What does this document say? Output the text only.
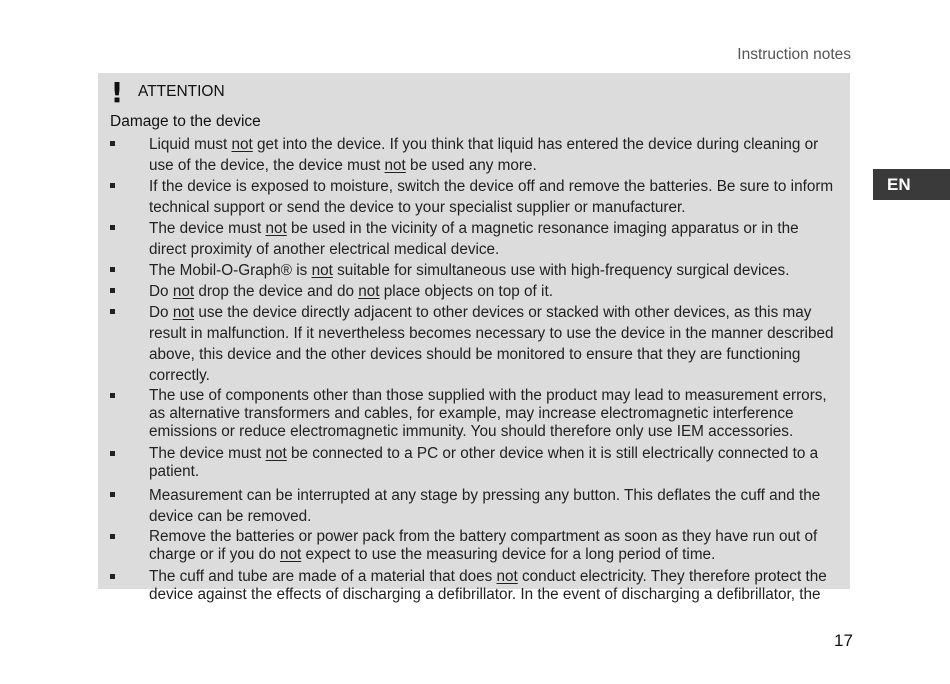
Instruction notes
EN
! ATTENTION
Damage to the device
Liquid must not get into the device. If you think that liquid has entered the device during cleaning or use of the device, the device must not be used any more.
If the device is exposed to moisture, switch the device off and remove the batteries. Be sure to inform technical support or send the device to your specialist supplier or manufacturer.
The device must not be used in the vicinity of a magnetic resonance imaging apparatus or in the direct proximity of another electrical medical device.
The Mobil-O-Graph® is not suitable for simultaneous use with high-frequency surgical devices.
Do not drop the device and do not place objects on top of it.
Do not use the device directly adjacent to other devices or stacked with other devices, as this may result in malfunction. If it nevertheless becomes necessary to use the device in the manner described above, this device and the other devices should be monitored to ensure that they are functioning correctly.
The use of components other than those supplied with the product may lead to measurement errors, as alternative transformers and cables, for example, may increase electromagnetic interference emissions or reduce electromagnetic immunity. You should therefore only use IEM accessories.
The device must not be connected to a PC or other device when it is still electrically connected to a patient.
Measurement can be interrupted at any stage by pressing any button. This deflates the cuff and the device can be removed.
Remove the batteries or power pack from the battery compartment as soon as they have run out of charge or if you do not expect to use the measuring device for a long period of time.
The cuff and tube are made of a material that does not conduct electricity. They therefore protect the device against the effects of discharging a defibrillator. In the event of discharging a defibrillator, the
17
